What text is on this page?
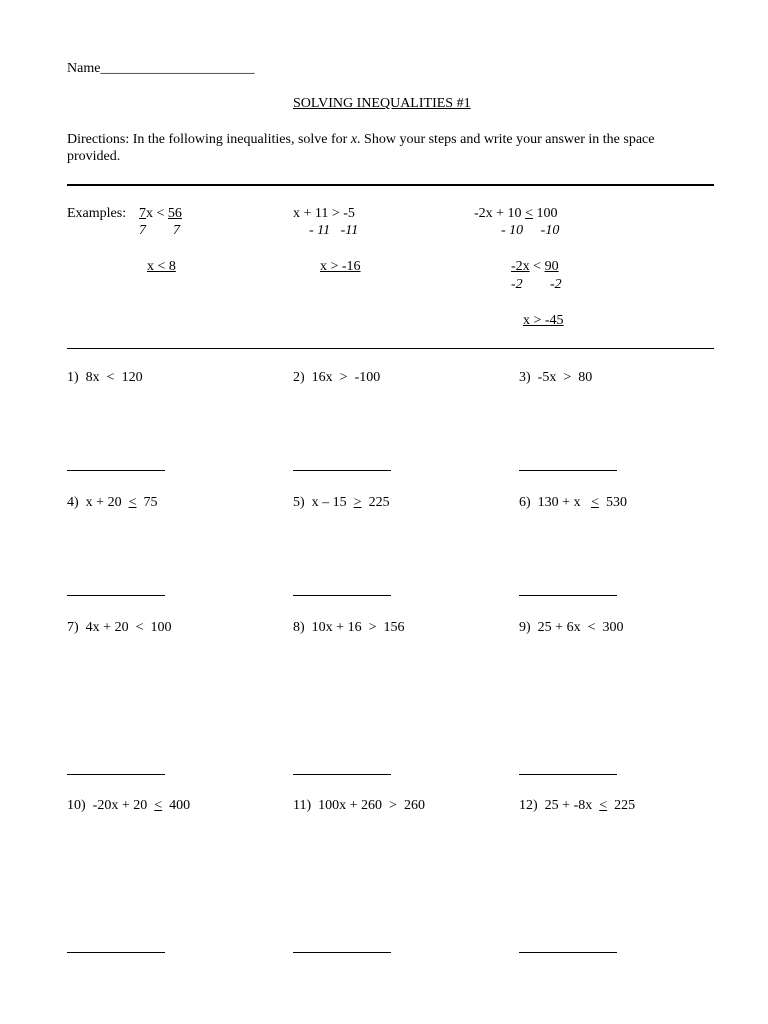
Name______________________
SOLVING INEQUALITIES #1
Directions: In the following inequalities, solve for x. Show your steps and write your answer in the space
provided.
Examples: 7x < 56
7 7
x < 8
x + 11 > -5
- 11   -11
x > -16
-2x + 10 < 100
- 10     -10
-2x < 90
-2 -2
x > -45
1)  8x  <  120	2)  16x  >  -100	3)  -5x  >  80
4)  x + 20  <  75	5)  x – 15  >  225	6)  130 + x   <  530
7)  4x + 20  <  100	8)  10x + 16  >  156	9)  25 + 6x  <  300
10)  -20x + 20  <  400	11)  100x + 260  >  260	12)  25 + -8x  <  225
